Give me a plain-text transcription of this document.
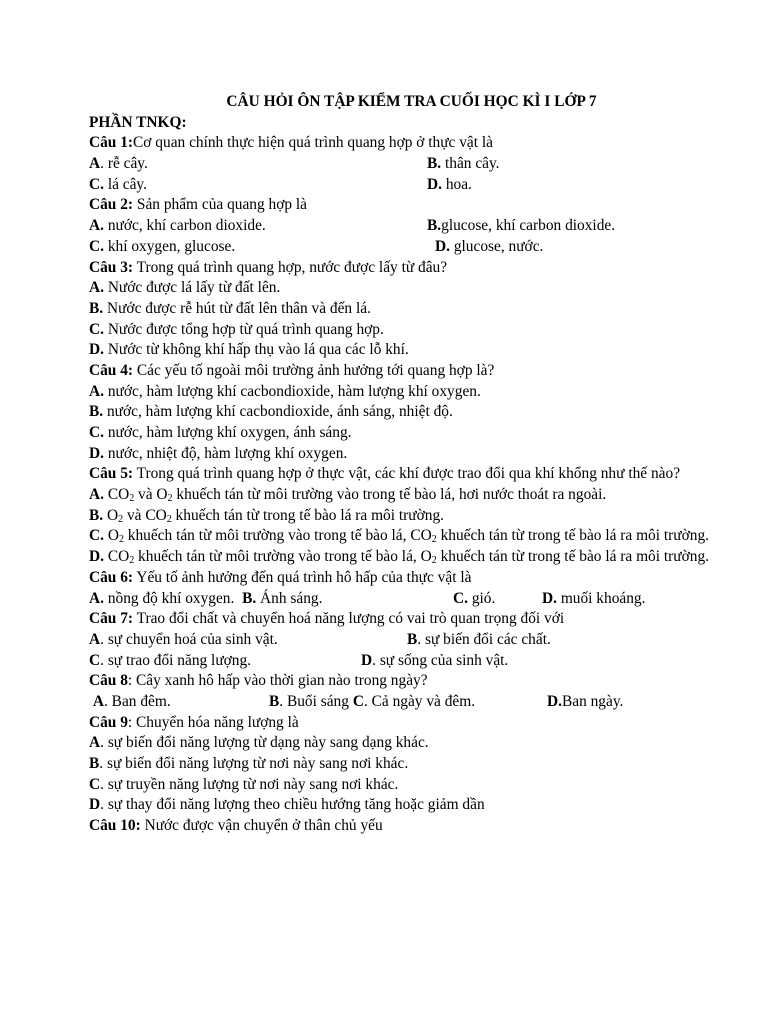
CÂU HỎI ÔN TẬP KIỂM TRA CUỐI HỌC KÌ I LỚP 7
PHẦN TNKQ:
Câu 1:Cơ quan chính thực hiện quá trình quang hợp ở thực vật là
A. rễ cây.	B. thân cây.
C. lá cây.	D. hoa.
Câu 2: Sản phẩm của quang hợp là
A. nước, khí carbon dioxide.	B.glucose, khí carbon dioxide.
C. khí oxygen, glucose.	D. glucose, nước.
Câu 3: Trong quá trình quang hợp, nước được lấy từ đâu?
A. Nước được lá lấy từ đất lên.
B. Nước được rễ hút từ đất lên thân và đến lá.
C. Nước được tổng hợp từ quá trình quang hợp.
D. Nước từ không khí hấp thụ vào lá qua các lỗ khí.
Câu 4: Các yếu tố ngoài môi trường ảnh hưởng tới quang hợp là?
A. nước, hàm lượng khí cacbondioxide, hàm lượng khí oxygen.
B. nước, hàm lượng khí cacbondioxide, ánh sáng, nhiệt độ.
C. nước, hàm lượng khí oxygen, ánh sáng.
D. nước, nhiệt độ, hàm lượng khí oxygen.
Câu 5: Trong quá trình quang hợp ở thực vật, các khí được trao đổi qua khí khổng như thế nào?
A. $CO_2$ và $O_2$ khuếch tán từ môi trường vào trong tế bào lá, hơi nước thoát ra ngoài.
B. $O_2$ và $CO_2$ khuếch tán từ trong tế bào lá ra môi trường.
C. $O_2$ khuếch tán từ môi trường vào trong tế bào lá, $CO_2$ khuếch tán từ trong tế bào lá ra môi trường.
D. $CO_2$ khuếch tán từ môi trường vào trong tế bào lá, $O_2$ khuếch tán từ trong tế bào lá ra môi trường.
Câu 6: Yếu tố ảnh hưởng đến quá trình hô hấp của thực vật là
A. nồng độ khí oxygen. B. Ánh sáng.	C. gió.	D. muối khoáng.
Câu 7: Trao đổi chất và chuyển hoá năng lượng có vai trò quan trọng đối với
A. sự chuyển hoá của sinh vật.	B. sự biến đổi các chất.
C. sự trao đổi năng lượng.	D. sự sống của sinh vật.
Câu 8: Cây xanh hô hấp vào thời gian nào trong ngày?
A. Ban đêm.	B. Buổi sáng C. Cả ngày và đêm.	D.Ban ngày.
Câu 9: Chuyển hóa năng lượng là
A. sự biến đổi năng lượng từ dạng này sang dạng khác.
B. sự biến đổi năng lượng từ nơi này sang nơi khác.
C. sự truyền năng lượng từ nơi này sang nơi khác.
D. sự thay đổi năng lượng theo chiều hướng tăng hoặc giảm dần
Câu 10: Nước được vận chuyển ở thân chủ yếu
